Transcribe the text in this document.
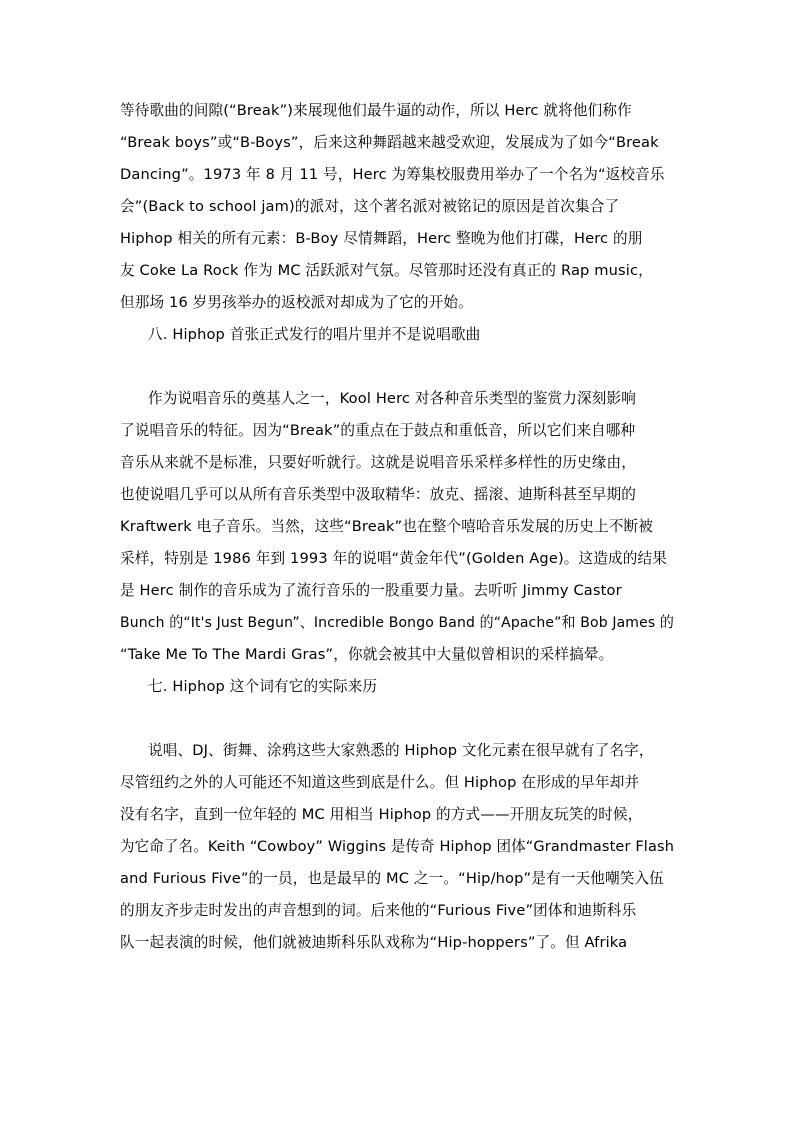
等待歌曲的间隙(“Break”)来展现他们最牛逼的动作，所以 Herc 就将他们称作
“Break boys”或“B-Boys”，后来这种舞蹈越来越受欢迎，发展成为了如今“Break
Dancing”。1973 年 8 月 11 号，Herc 为筹集校服费用举办了一个名为“返校音乐
会”(Back to school jam)的派对，这个著名派对被铭记的原因是首次集合了
Hiphop 相关的所有元素：B-Boy 尽情舞蹈，Herc 整晚为他们打碟，Herc 的朋
友 Coke La Rock 作为 MC 活跃派对气氛。尽管那时还没有真正的 Rap music，
但那场 16 岁男孩举办的返校派对却成为了它的开始。
八. Hiphop 首张正式发行的唱片里并不是说唱歌曲
作为说唱音乐的奠基人之一，Kool Herc 对各种音乐类型的鉴赏力深刻影响
了说唱音乐的特征。因为“Break”的重点在于鼓点和重低音，所以它们来自哪种
音乐从来就不是标准，只要好听就行。这就是说唱音乐采样多样性的历史缘由，
也使说唱几乎可以从所有音乐类型中汲取精华：放克、摇滚、迪斯科甚至早期的
Kraftwerk 电子音乐。当然，这些“Break”也在整个嘻哈音乐发展的历史上不断被
采样，特别是 1986 年到 1993 年的说唱“黄金年代”(Golden Age)。这造成的结果
是 Herc 制作的音乐成为了流行音乐的一股重要力量。去听听 Jimmy Castor
Bunch 的“It's Just Begun”、Incredible Bongo Band 的“Apache”和 Bob James 的
“Take Me To The Mardi Gras”，你就会被其中大量似曾相识的采样搞晕。
七. Hiphop 这个词有它的实际来历
说唱、DJ、街舞、涂鸦这些大家熟悉的 Hiphop 文化元素在很早就有了名字，
尽管纽约之外的人可能还不知道这些到底是什么。但 Hiphop 在形成的早年却并
没有名字，直到一位年轻的 MC 用相当 Hiphop 的方式——开朋友玩笑的时候，
为它命了名。Keith “Cowboy” Wiggins 是传奇 Hiphop 团体“Grandmaster Flash
and Furious Five”的一员，也是最早的 MC 之一。“Hip/hop”是有一天他嘲笑入伍
的朋友齐步走时发出的声音想到的词。后来他的“Furious Five”团体和迪斯科乐
队一起表演的时候，他们就被迪斯科乐队戏称为“Hip-hoppers”了。但 Afrika
